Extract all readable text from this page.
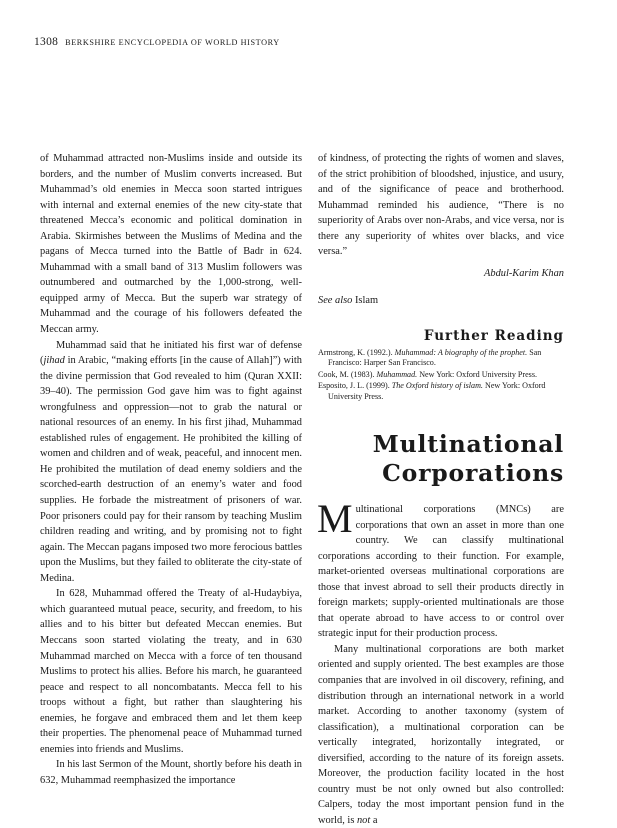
1308 BERKSHIRE ENCYCLOPEDIA OF WORLD HISTORY

of Muhammad attracted non-Muslims inside and outside its borders, and the number of Muslim converts increased. But Muhammad’s old enemies in Mecca soon started intrigues with internal and external enemies of the new city-state that threatened Mecca’s economic and political domination in Arabia. Skirmishes between the Muslims of Medina and the pagans of Mecca turned into the Battle of Badr in 624. Muhammad with a small band of 313 Muslim followers was outnumbered and outmarched by the 1,000-strong, well-equipped army of Mecca. But the superb war strategy of Muhammad and the courage of his followers defeated the Meccan army.

Muhammad said that he initiated his first war of defense (jihad in Arabic, “making efforts [in the cause of Allah]”) with the divine permission that God revealed to him (Quran XXII: 39–40). The permission God gave him was to fight against wrongfulness and oppression—not to grab the natural or national resources of an enemy. In his first jihad, Muhammad established rules of engagement. He prohibited the killing of women and children and of weak, peaceful, and innocent men. He prohibited the mutilation of dead enemy soldiers and the scorched-earth destruction of an enemy’s water and food supplies. He forbade the mistreatment of prisoners of war. Poor prisoners could pay for their ransom by teaching Muslim children reading and writing, and by promising not to fight again. The Meccan pagans imposed two more ferocious battles upon the Muslims, but they failed to obliterate the city-state of Medina.

In 628, Muhammad offered the Treaty of al-Hudaybiya, which guaranteed mutual peace, security, and freedom, to his allies and to his bitter but defeated Meccan enemies. But Meccans soon started violating the treaty, and in 630 Muhammad marched on Mecca with a force of ten thousand Muslims to protect his allies. Before his march, he guaranteed peace and respect to all noncombatants. Mecca fell to his troops without a fight, but rather than slaughtering his enemies, he forgave and embraced them and let them keep their properties. The phenomenal peace of Muhammad turned enemies into friends and Muslims.

In his last Sermon of the Mount, shortly before his death in 632, Muhammad reemphasized the importance

of kindness, of protecting the rights of women and slaves, of the strict prohibition of bloodshed, injustice, and usury, and of the significance of peace and brotherhood. Muhammad reminded his audience, “There is no superiority of Arabs over non-Arabs, and vice versa, nor is there any superiority of whites over blacks, and vice versa.”

Abdul-Karim Khan

See also Islam

Further Reading
Armstrong, K. (1992.). Muhammad: A biography of the prophet. San Francisco: Harper San Francisco.
Cook, M. (1983). Muhammad. New York: Oxford University Press.
Esposito, J. L. (1999). The Oxford history of islam. New York: Oxford University Press.
Multinational
Corporations

Multinational corporations (MNCs) are corporations that own an asset in more than one country. We can classify multinational corporations according to their function. For example, market-oriented overseas multinational corporations are those that invest abroad to sell their products directly in foreign markets; supply-oriented multinationals are those that operate abroad to have access to or control over strategic input for their production process.

Many multinational corporations are both market oriented and supply oriented. The best examples are those companies that are involved in oil discovery, refining, and distribution through an international network in a world market. According to another taxonomy (system of classification), a multinational corporation can be vertically integrated, horizontally integrated, or diversified, according to the nature of its foreign assets. Moreover, the production facility located in the host country must be not only owned but also controlled: Calpers, today the most important pension fund in the world, is not a
